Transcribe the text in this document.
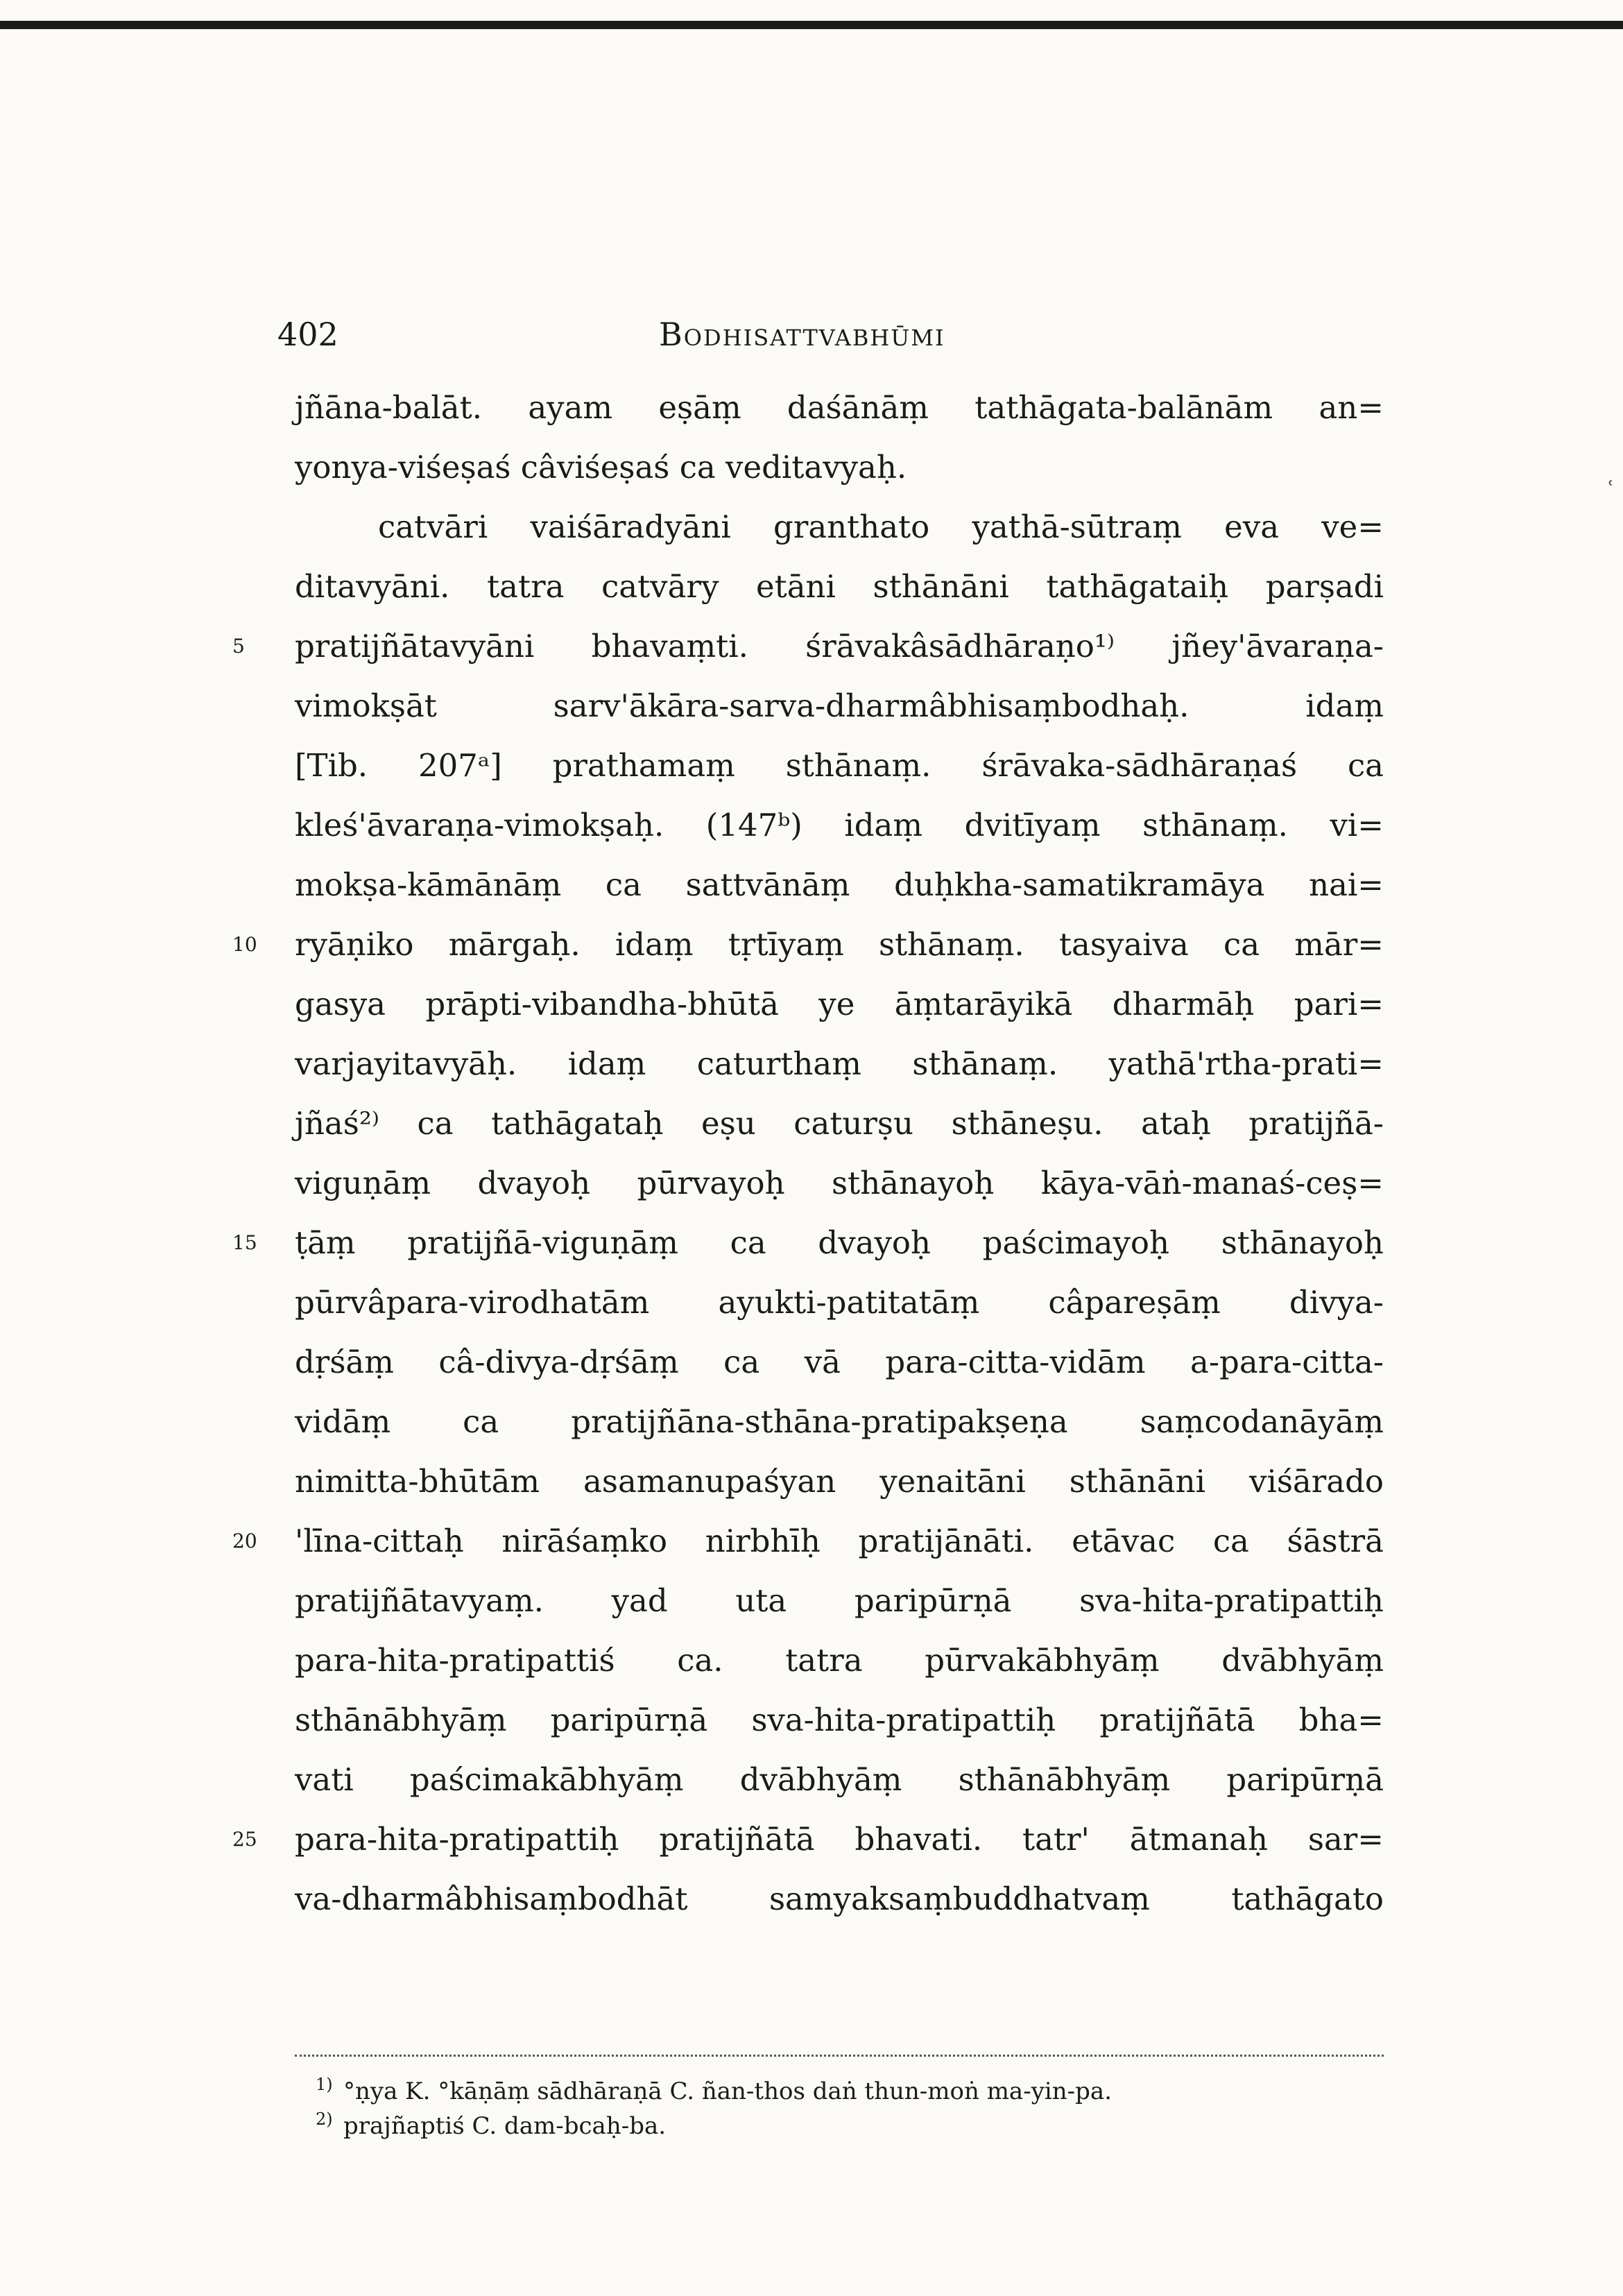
402	Bodhisattvabhūmi
jñāna-balāt. ayam eṣāṃ daśānāṃ tathāgata-balānām an=
yonya-viśeṣaś câviśeṣaś ca veditavyaḥ.
catvāri vaiśāradyāni granthato yathā-sūtraṃ eva ve=
ditavyāni. tatra catvāry etāni sthānāni tathāgataiḥ parṣadi
pratijñātavyāni bhavaṃti. śrāvakâsādhāraṇo¹⁾ jñey'āvaraṇa-
vimokṣāt sarv'ākāra-sarva-dharmâbhisaṃbodhaḥ. idaṃ
[Tib. 207ᵃ] prathamaṃ sthānaṃ. śrāvaka-sādhāraṇaś ca
kleś'āvaraṇa-vimokṣaḥ. (147ᵇ) idaṃ dvitīyaṃ sthānaṃ. vi=
mokṣa-kāmānāṃ ca sattvānāṃ duḥkha-samatikramāya nai=
ryāṇiko mārgaḥ. idaṃ tṛtīyaṃ sthānaṃ. tasyaiva ca mār=
gasya prāpti-vibandha-bhūtā ye āṃtarāyikā dharmāḥ pari=
varjayitavyāḥ. idaṃ caturthaṃ sthānaṃ. yathā'rtha-prati=
jñaś²⁾ ca tathāgataḥ eṣu caturṣu sthāneṣu. ataḥ pratijñā-
viguṇāṃ dvayoḥ pūrvayoḥ sthānayoḥ kāya-vāṅ-manaś-ceṣ=
ṭāṃ pratijñā-viguṇāṃ ca dvayoḥ paścimayoḥ sthānayoḥ
pūrvâpara-virodhatām ayukti-patitatāṃ câpareṣāṃ divya-
dṛśāṃ câ-divya-dṛśāṃ ca vā para-citta-vidām a-para-citta-
vidāṃ ca pratijñāna-sthāna-pratipakṣeṇa saṃcodanāyāṃ
nimitta-bhūtām asamanupaśyan yenaitāni sthānāni viśārado
'līna-cittaḥ nirāśaṃko nirbhīḥ pratijānāti. etāvac ca śāstrā
pratijñātavyaṃ. yad uta paripūrṇā sva-hita-pratipattiḥ
para-hita-pratipattiś ca. tatra pūrvakābhyāṃ dvābhyāṃ
sthānābhyāṃ paripūrṇā sva-hita-pratipattiḥ pratijñātā bha=
vati paścimakābhyāṃ dvābhyāṃ sthānābhyāṃ paripūrṇā
para-hita-pratipattiḥ pratijñātā bhavati. tatr' ātmanaḥ sar=
va-dharmâbhisaṃbodhāt samyaksaṃbuddhatvaṃ tathāgato
5
10
15
20
25
1) °ṇya K. °kāṇāṃ sādhāraṇā C. ñan-thos daṅ thun-moṅ ma-yin-pa.
2) prajñaptiś C. dam-bcaḥ-ba.
ʿ
